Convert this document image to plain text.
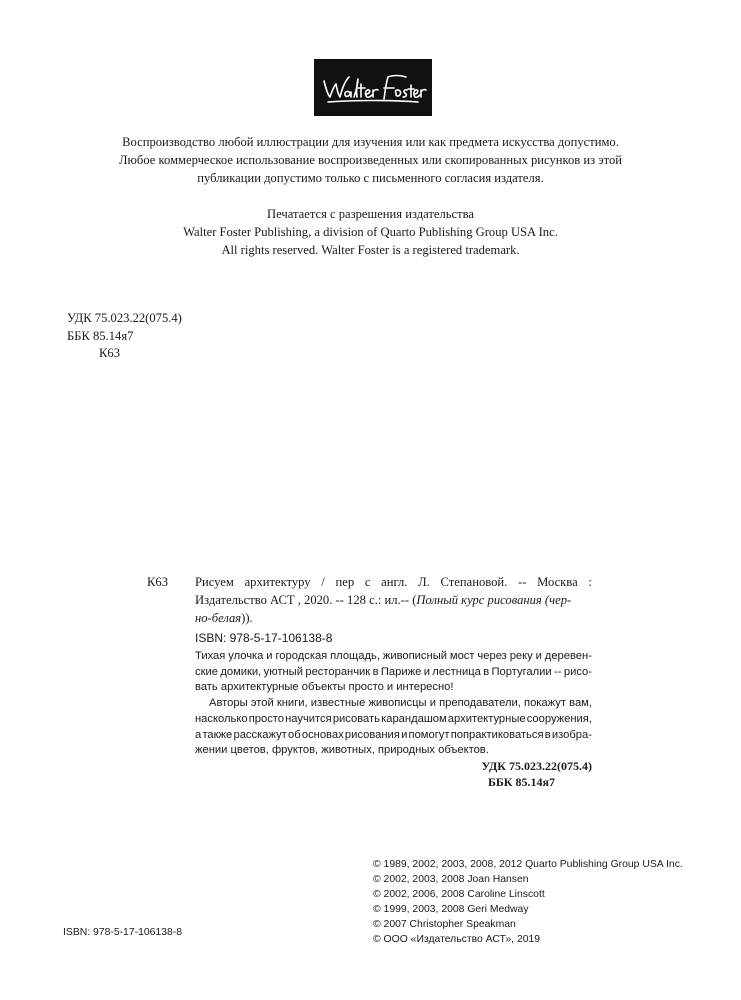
Воспроизводство любой иллюстрации для изучения или как предмета искусства допустимо.
Любое коммерческое использование воспроизведенных или скопированных рисунков из этой
публикации допустимо только с письменного согласия издателя.
Печатается с разрешения издательства
Walter Foster Publishing, a division of Quarto Publishing Group USA Inc.
All rights reserved. Walter Foster is a registered trademark.
УДК 75.023.22(075.4)
ББК 85.14я7
К63
К63 Рисуем архитектуру / пер с англ. Л. Степановой. -- Москва :
Издательство АСТ , 2020. -- 128 с.: ил.-- ( Полный курс рисования (чер-
но-белая )).
ISBN: 978-5-17-106138-8
Тихая улочка и городская площадь, живописный мост через реку и деревен-
ские домики, уютный ресторанчик в Париже и лестница в Португалии -- рисо-
вать архитектурные объекты просто и интересно!
Авторы этой книги, известные живописцы и преподаватели, покажут вам,
насколько просто научится рисовать карандашом архитектурные сооружения,
а также расскажут об основах рисования и помогут попрактиковаться в изобра-
жении цветов, фруктов, животных, природных объектов.
УДК 75.023.22(075.4)
ББК 85.14я7
© 1989, 2002, 2003, 2008, 2012 Quarto Publishing Group USA Inc.
© 2002, 2003, 2008 Joan Hansen
© 2002, 2006, 2008 Caroline Linscott
© 1999, 2003, 2008 Geri Medway
© 2007 Christopher Speakman
© ООО «Издательство АСТ», 2019
ISBN: 978-5-17-106138-8
